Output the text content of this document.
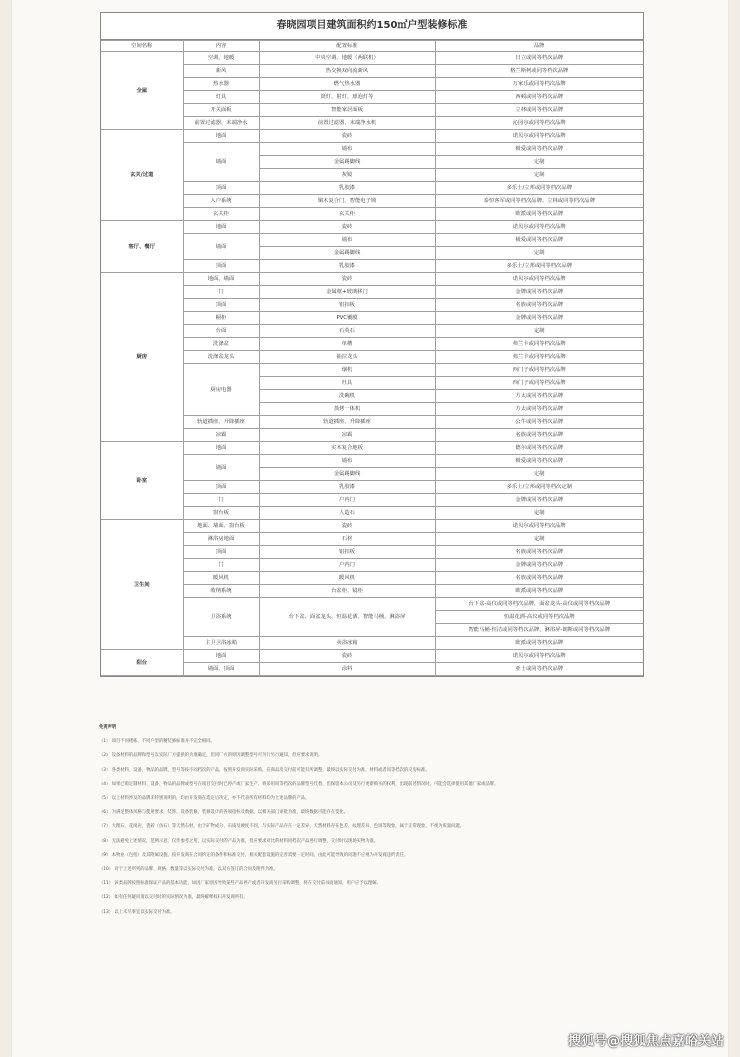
春晓园项目建筑面积约150㎡户型装修标准
空间名称	内容	配置标准	品牌
全屋	空调、地暖	中央空调、地暖（两联机）	日立或同等档次品牌
	新风	热交换双向流新风	格兰斯柯或同等档次品牌
	热水器	燃气热水器	万家乐或同等档次品牌
	灯具	筒灯、射灯、球泡灯等	西顿或同等档次品牌
	开关面板	智能家居面板	立林或同等档次品牌
	前置过滤器、末端净水	前置过滤器、末端净水机	沁园尔或同等档次品牌
玄关/过道	地面	瓷砖	诺贝尔或同等档次品牌
	墙面	墙布	极爱或同等档次品牌
		金属踢脚线	定制
		灰镜	定制
	顶面	乳胶漆	多乐士/立邦或同等档次品牌
	入户系统	铜木复合门、智能电子锁	泰恒客军或同等档次品牌、立林或同等档次品牌
	玄关柜	玄关柜	欧派或同等档次品牌
客厅、餐厅	地面	瓷砖	诺贝尔或同等档次品牌
	墙面	墙布	极爱或同等档次品牌
		金属踢脚线	定制
	顶面	乳胶漆	多乐士/立邦或同等档次品牌
厨房	地面、墙面	瓷砖	诺贝尔或同等档次品牌
	门	金属框+玻璃移门	金牌或同等档次品牌
	顶面	铝扣板	名族或同等档次品牌
	橱柜	PVC覆膜	金牌或同等档次品牌
	台面	石英石	定制
	洗涤盆	单槽	弗兰卡或同等档次品牌
	洗涤盆龙头	抽拉龙头	弗兰卡或同等档次品牌
	厨房电器	烟机	西门子或同等档次品牌
		灶具	西门子或同等档次品牌
		洗碗机	方太或同等档次品牌
		蒸烤一体机	方太或同等档次品牌
	轨道插座、升降插座	轨道插座、升降插座	公牛或同等档次品牌
	凉霸	凉霸	名族或同等档次品牌
卧室	地面	实木复合地板	德尔或同等档次品牌
	墙面	墙布	极爱或同等档次品牌
		金属踢脚线	定制
	顶面	乳胶漆	多乐士/立邦或同等档次定制
	门	户内门	金牌或同等档次品牌
	窗台板	人造石	定制
卫生间	地面、墙面、窗台板	瓷砖	诺贝尔或同等档次品牌
	淋浴房地面	石材	定制
	顶面	铝扣板	名族或同等档次品牌
	门	户内门	金牌或同等档次品牌
	暖风机	暖风机	名族或同等档次品牌
	收纳系统	台盆柜、镜柜	欧派或同等档次品牌
	卫浴系统	台下盆、面盆龙头、恒温花洒、智能马桶、淋浴屏	台下盆-高仪或同等档次品牌，面盆龙头-高仪或同等档次品牌
			恒温花洒-高仪或同等档次品牌
			智能马桶-恒洁或同等档次品牌，淋浴屏-朗斯或同等档次品牌
	主卫卫浴冰箱	卖浴冰箱	欧派或同等档次品牌
阳台	地面	瓷砖	诺贝尔或同等档次品牌
	墙面、顶面	涂料	亚士或同等档次品牌
免责声明
（1） 项目不同楼栋、不同户型的精装修标准并不完全相同。
（2） 设备材料的品牌和型号以实际厂方提供的为准确定，但同厂方的原因调整型号可另行另行通知，但应要求说明。
（3） 各类材料、设备、物品的品牌，型号等按不同档次的产品，按照开发商实际采购，在商品房交付前可能有所调整，最终以实际交付为准，材料或者同等档次的交房标准。
（4） 如果已购定制材料、设备、物品的品牌或型号在项目交付时已停产或厂家生产，将采用同等档次的品牌型号代替，但保留本公司及另行更新购买的权利，出现前述情况时，可能会选择使用其他厂家或品牌。
（5） 以上材料涉及的品牌未特别说明的，均由开发商在选定后决定，亦不代表所有材料均为上述品牌的产品。
（6） 为满足整体风格与使用要求，装饰、设备装修、装修设计的各项指标及数据，以相关部门审批为准，最终数据可能存在变化。
（7） 大理石、花岗岩、瓷砖（仿石）等天然石材，由于矿物成分、石质及硬度不同，与实际产品存在一定差异，天然材料存在色差、纹理差异、色斑等现象，属于正常现象，不视为质量问题。
（8） 无法避免上述情况，范例示意，仅作参考之用，以实际交付的产品为准，但应要求对比的材料同档次产品进行调整，交付时以现场实物为准。
（9） 本物业（包括）及其附属设施，按开发商在合同约定的条件和标准交付，相关配套设施的完善需要一定时间，由此可能导致的问题不应视为开发商违约责任。
（10） 对于上述所列的品牌、规格、数量等以实际交付为准，以双方签订的合同及附件为准。
（11） 该类品牌按照标准保证产品的基本功能，如因厂家原因导致某些产品停产或者开发商另行采购调整，将在交付前书面通知，用户应予以理解。
（12） 如有任何疑问请以交付时的实际情况为准，最终解释权归开发商所有。
（13） 以上未尽事宜以实际交付为准。
搜狐号@搜狐焦点嘉峪关站
